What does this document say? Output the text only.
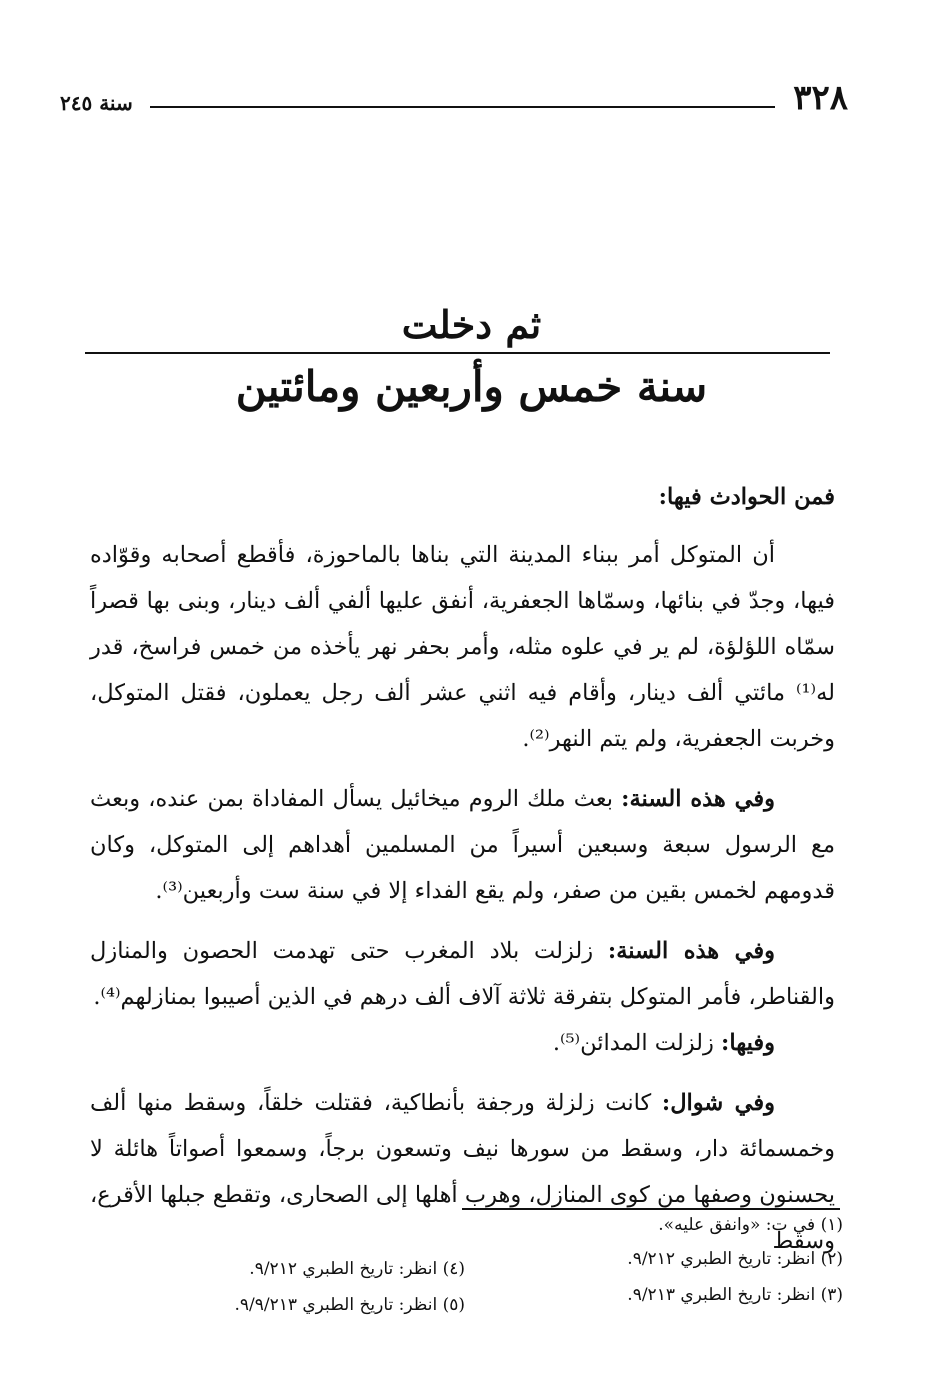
٣٢٨
سنة ٢٤٥
ثم دخلت
سنة خمس وأربعين ومائتين

فمن الحوادث فيها:

أن المتوكل أمر ببناء المدينة التي بناها بالماحوزة، فأقطع أصحابه وقوّاده فيها، وجدّ في بنائها، وسمّاها الجعفرية، أنفق عليها ألفي ألف دينار، وبنى بها قصراً سمّاه اللؤلؤة، لم ير في علوه مثله، وأمر بحفر نهر يأخذه من خمس فراسخ، قدر له⁽¹⁾ مائتي ألف دينار، وأقام فيه اثني عشر ألف رجل يعملون، فقتل المتوكل، وخربت الجعفرية، ولم يتم النهر⁽²⁾.

وفي هذه السنة: بعث ملك الروم ميخائيل يسأل المفاداة بمن عنده، وبعث مع الرسول سبعة وسبعين أسيراً من المسلمين أهداهم إلى المتوكل، وكان قدومهم لخمس بقين من صفر، ولم يقع الفداء إلا في سنة ست وأربعين⁽³⁾.

وفي هذه السنة: زلزلت بلاد المغرب حتى تهدمت الحصون والمنازل والقناطر، فأمر المتوكل بتفرقة ثلاثة آلاف ألف درهم في الذين أصيبوا بمنازلهم⁽⁴⁾.

وفيها: زلزلت المدائن⁽⁵⁾.

وفي شوال: كانت زلزلة ورجفة بأنطاكية، فقتلت خلقاً، وسقط منها ألف وخمسمائة دار، وسقط من سورها نيف وتسعون برجاً، وسمعوا أصواتاً هائلة لا يحسنون وصفها من كوى المنازل، وهرب أهلها إلى الصحارى، وتقطع جبلها الأقرع، وسقط

(١) في ت: «وانفق عليه».
(٢) انظر: تاريخ الطبري ٩/٢١٢.
(٣) انظر: تاريخ الطبري ٩/٢١٣.
(٤) انظر: تاريخ الطبري ٩/٢١٢.
(٥) انظر: تاريخ الطبري ٩/٩/٢١٣.
